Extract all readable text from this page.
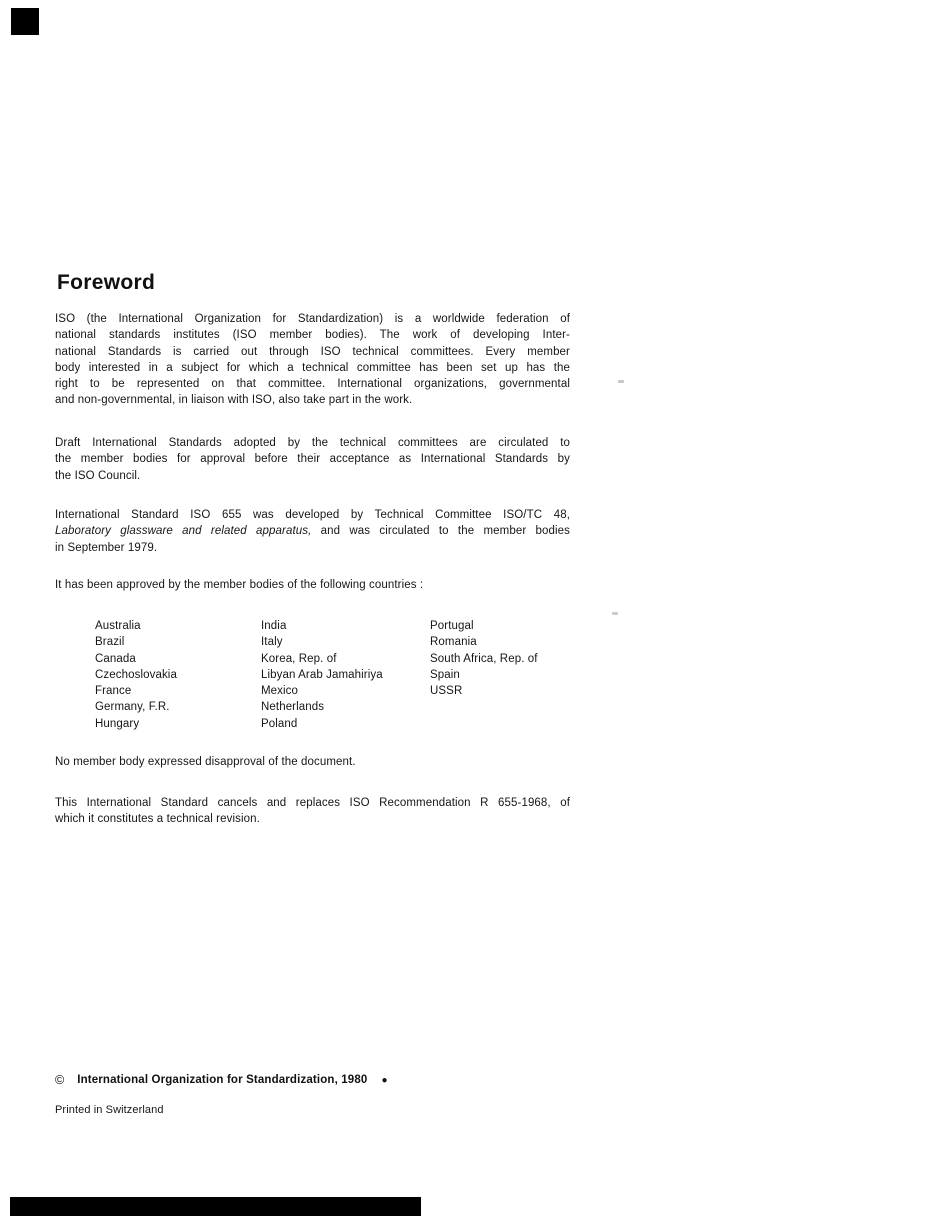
Foreword
ISO (the International Organization for Standardization) is a worldwide federation of
national standards institutes (ISO member bodies). The work of developing Inter-
national Standards is carried out through ISO technical committees. Every member
body interested in a subject for which a technical committee has been set up has the
right to be represented on that committee. International organizations, governmental
and non-governmental, in liaison with ISO, also take part in the work.
Draft International Standards adopted by the technical committees are circulated to
the member bodies for approval before their acceptance as International Standards by
the ISO Council.
International Standard ISO 655 was developed by Technical Committee ISO/TC 48,
Laboratory glassware and related apparatus, and was circulated to the member bodies
in September 1979.
It has been approved by the member bodies of the following countries :
Australia
Brazil
Canada
Czechoslovakia
France
Germany, F.R.
Hungary
India
Italy
Korea, Rep. of
Libyan Arab Jamahiriya
Mexico
Netherlands
Poland
Portugal
Romania
South Africa, Rep. of
Spain
USSR
No member body expressed disapproval of the document.
This International Standard cancels and replaces ISO Recommendation R 655-1968, of
which it constitutes a technical revision.
© International Organization for Standardization, 1980 ●
Printed in Switzerland
